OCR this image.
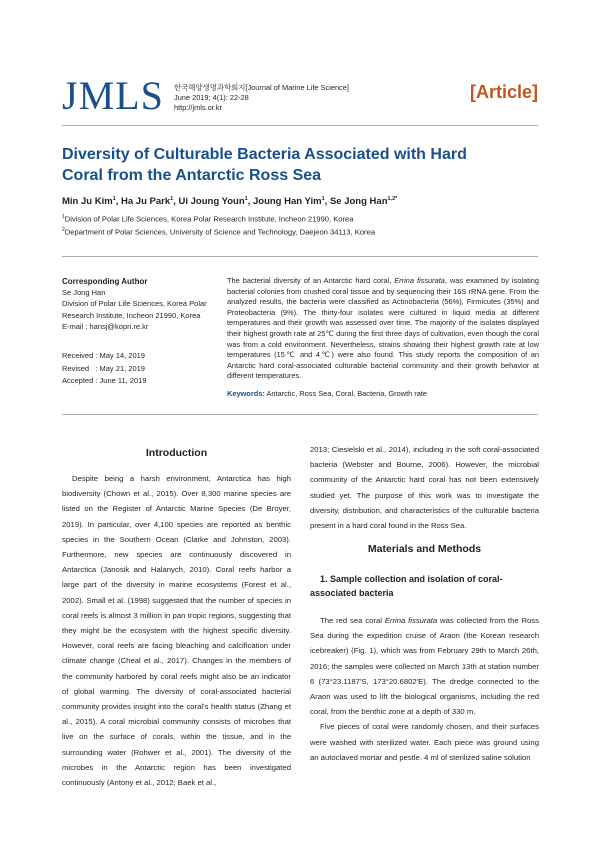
JMLS 한국해양생명과학회지[Journal of Marine Life Science]
June 2019; 4(1): 22-28
http://jmls.or.kr
[Article]
Diversity of Culturable Bacteria Associated with Hard Coral from the Antarctic Ross Sea
Min Ju Kim$^1$, Ha Ju Park$^1$, Ui Joung Youn$^1$, Joung Han Yim$^1$, Se Jong Han$^{1,2*}$
$^1$Division of Polar Life Sciences, Korea Polar Research Institute, Incheon 21990, Korea
$^2$Department of Polar Sciences, University of Science and Technology, Daejeon 34113, Korea
Corresponding Author
Se Jong Han
Division of Polar Life Sciences, Korea Polar
Research Institute, Incheon 21990, Korea
E-mail : hansj@kopri.re.kr
Received : May 14, 2019
Revised   : May 21, 2019
Accepted : June 11, 2019
The bacterial diversity of an Antarctic hard coral, Errina fissurata, was examined by isolating bacterial colonies from crushed coral tissue and by sequencing their 16S rRNA gene. From the analyzed results, the bacteria were classified as Actinobacteria (56%), Firmicutes (35%) and Proteobacteria (9%). The thirty-four isolates were cultured in liquid media at different temperatures and their growth was assessed over time. The majority of the isolates displayed their highest growth rate at 25℃ during the first three days of cultivation, even though the coral was from a cold environment. Nevertheless, strains showing their highest growth rate at low temperatures (15℃ and 4℃) were also found. This study reports the composition of an Antarctic hard coral-associated culturable bacterial community and their growth behavior at different temperatures.
Keywords: Antarctic, Ross Sea, Coral, Bacteria, Growth rate
Introduction

Despite being a harsh environment, Antarctica has high biodiversity (Chown et al., 2015). Over 8,300 marine species are listed on the Register of Antarctic Marine Species (De Broyer, 2019). In particular, over 4,100 species are reported as benthic species in the Southern Ocean (Clarke and Johnston, 2003). Furthermore, new species are continuously discovered in Antarctica (Janosik and Halanych, 2010). Coral reefs harbor a large part of the diversity in marine ecosystems (Forest et al., 2002). Small et al. (1998) suggested that the number of species in coral reefs is almost 3 million in pan tropic regions, suggesting that they might be the ecosystem with the highest specific diversity. However, coral reefs are facing bleaching and calcification under climate change (Cheal et al., 2017). Changes in the members of the community harbored by coral reefs might also be an indicator of global warming. The diversity of coral-associated bacterial community provides insight into the coral's health status (Zhang et al., 2015). A coral microbial community consists of microbes that live on the surface of corals, within the tissue, and in the surrounding water (Rohwer et al., 2001). The diversity of the microbes in the Antarctic region has been investigated continuously (Antony et al., 2012; Baek et al.,

2013; Ciesielski et al., 2014), including in the soft coral-associated bacteria (Webster and Bourne, 2006). However, the microbial community of the Antarctic hard coral has not been extensively studied yet. The purpose of this work was to investigate the diversity, distribution, and characteristics of the culturable bacteria present in a hard coral found in the Ross Sea.

Materials and Methods
1. Sample collection and isolation of coral-associated bacteria

The red sea coral Errina fissurata was collected from the Ross Sea during the expedition cruise of Araon (the Korean research icebreaker) (Fig. 1), which was from February 29th to March 26th, 2016; the samples were collected on March 13th at station number 6 (73°23.1187'S, 173°20.6802'E). The dredge connected to the Araon was used to lift the biological organisms, including the red coral, from the benthic zone at a depth of 330 m.

Five pieces of coral were randomly chosen, and their surfaces were washed with sterilized water. Each piece was ground using an autoclaved mortar and pestle. 4 ml of sterilized saline solution
